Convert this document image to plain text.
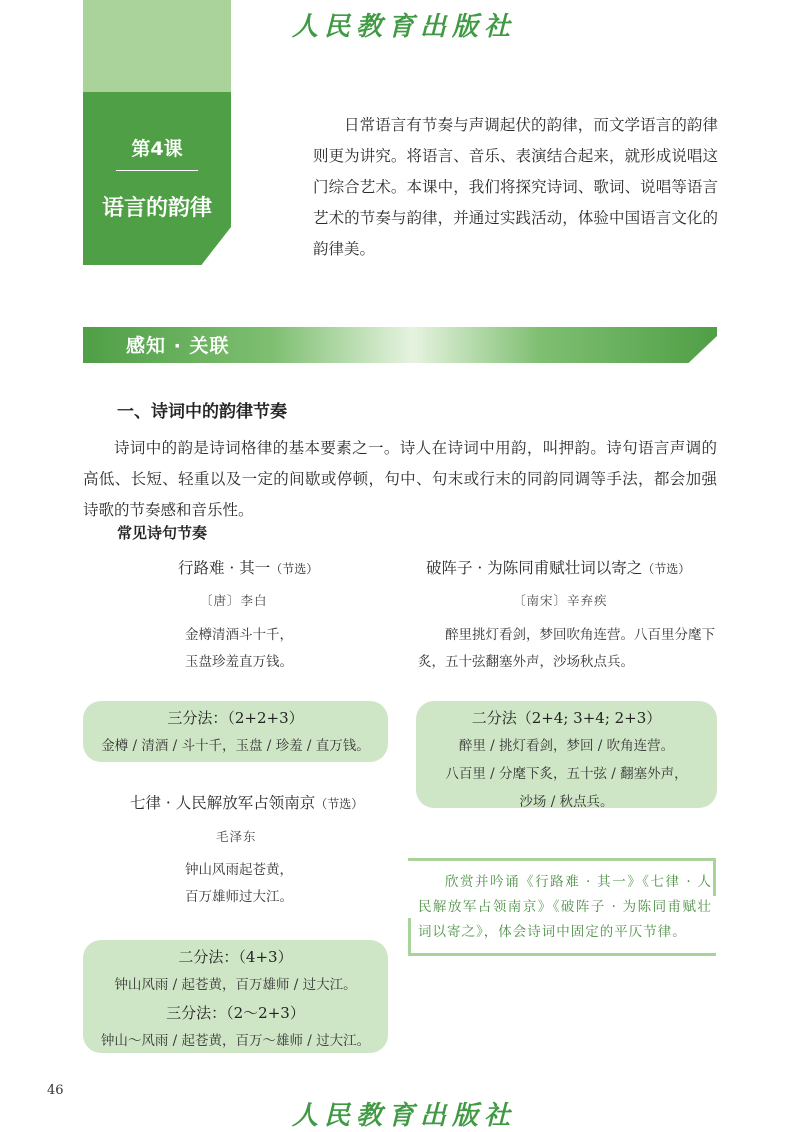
人民教育出版社
第4课
语言的韵律
日常语言有节奏与声调起伏的韵律，而文学语言的韵律则更为讲究。将语言、音乐、表演结合起来，就形成说唱这门综合艺术。本课中，我们将探究诗词、歌词、说唱等语言艺术的节奏与韵律，并通过实践活动，体验中国语言文化的韵律美。
感知 · 关联
一、诗词中的韵律节奏
诗词中的韵是诗词格律的基本要素之一。诗人在诗词中用韵，叫押韵。诗句语言声调的高低、长短、轻重以及一定的间歇或停顿，句中、句末或行末的同韵同调等手法，都会加强诗歌的节奏感和音乐性。
常见诗句节奏
行路难 · 其一（节选）
〔唐〕李白
金樽清酒斗十千，
玉盘珍羞直万钱。
三分法：（2+2+3）
金樽 / 清酒 / 斗十千，玉盘 / 珍羞 / 直万钱。
破阵子 · 为陈同甫赋壮词以寄之（节选）
〔南宋〕辛弃疾
醉里挑灯看剑，梦回吹角连营。八百里分麾下炙，五十弦翻塞外声，沙场秋点兵。
二分法（2+4; 3+4; 2+3）
醉里 / 挑灯看剑，梦回 / 吹角连营。
八百里 / 分麾下炙，五十弦 / 翻塞外声，
沙场 / 秋点兵。
七律 · 人民解放军占领南京（节选）
毛泽东
钟山风雨起苍黄，
百万雄师过大江。
二分法：（4+3）
钟山风雨 / 起苍黄，百万雄师 / 过大江。
三分法：（2～2+3）
钟山～风雨 / 起苍黄，百万～雄师 / 过大江。
欣赏并吟诵《行路难 · 其一》《七律 · 人民解放军占领南京》《破阵子 · 为陈同甫赋壮词以寄之》，体会诗词中固定的平仄节律。
46
人民教育出版社
